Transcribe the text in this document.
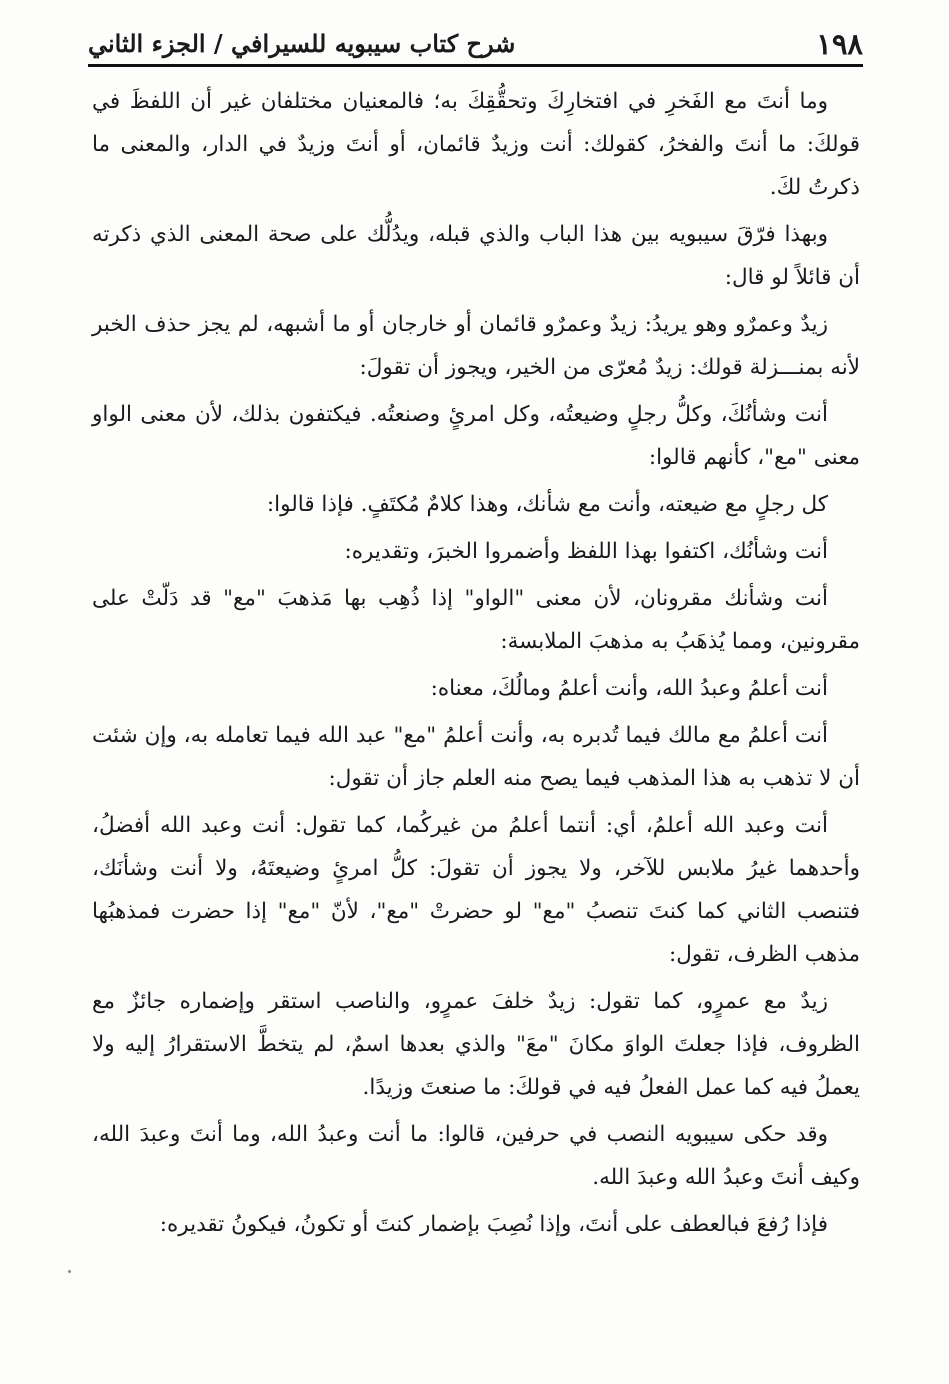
١٩٨
شرح كتاب سيبويه للسيرافي / الجزء الثاني

وما أنتَ مع الفَخرِ في افتخارِكَ وتحقُّقِكَ به؛ فالمعنيان مختلفان غير أن اللفظَ في قولكَ: ما أنتَ والفخرُ، كقولك: أنت وزيدٌ قائمان، أو أنتَ وزيدٌ في الدار، والمعنى ما ذكرتُ لكَ.

وبهذا فرّقَ سيبويه بين هذا الباب والذي قبله، ويدُلُّك على صحة المعنى الذي ذكرته أن قائلاً لو قال:

زيدٌ وعمرٌو وهو يريدُ: زيدٌ وعمرٌو قائمان أو خارجان أو ما أشبهه، لم يجز حذف الخبر لأنه بمنـــزلة قولك: زيدٌ مُعرّى من الخير، ويجوز أن تقولَ:

أنت وشأنُكَ، وكلُّ رجلٍ وضيعتُه، وكل امرئٍ وصنعتُه. فيكتفون بذلك، لأن معنى الواو معنى "مع"، كأنهم قالوا:

كل رجلٍ مع ضيعته، وأنت مع شأنك، وهذا كلامٌ مُكتَفٍ. فإذا قالوا:

أنت وشأنُك، اكتفوا بهذا اللفظ وأضمروا الخبرَ، وتقديره:

أنت وشأنك مقرونان، لأن معنى "الواو" إذا ذُهِب بها مَذهبَ "مع" قد دَلّتْ على مقرونين، ومما يُذهَبُ به مذهبَ الملابسة:

أنت أعلمُ وعبدُ الله، وأنت أعلمُ ومالُكَ، معناه:

أنت أعلمُ مع مالك فيما تُدبره به، وأنت أعلمُ "مع" عبد الله فيما تعامله به، وإن شئت أن لا تذهب به هذا المذهب فيما يصح منه العلم جاز أن تقول:

أنت وعبد الله أعلمُ، أي: أنتما أعلمُ من غيركُما، كما تقول: أنت وعبد الله أفضلُ، وأحدهما غيرُ ملابس للآخر، ولا يجوز أن تقولَ: كلُّ امرئٍ وضيعتَهُ، ولا أنت وشأنَك، فتنصب الثاني كما كنتَ تنصبُ "مع" لو حضرتْ "مع"، لأنّ "مع" إذا حضرت فمذهبُها مذهب الظرف، تقول:

زيدٌ مع عمرٍو، كما تقول: زيدٌ خلفَ عمرٍو، والناصب استقر وإضماره جائزٌ مع الظروف، فإذا جعلتَ الواوَ مكانَ "معَ" والذي بعدها اسمٌ، لم يتخطَّ الاستقرارُ إليه ولا يعملُ فيه كما عمل الفعلُ فيه في قولكَ: ما صنعتَ وزيدًا.

وقد حكى سيبويه النصب في حرفين، قالوا: ما أنت وعبدُ الله، وما أنتَ وعبدَ الله، وكيف أنتَ وعبدُ الله وعبدَ الله.

فإذا رُفعَ فبالعطف على أنتَ، وإذا نُصِبَ بإضمار كنتَ أو تكونُ، فيكونُ تقديره:
